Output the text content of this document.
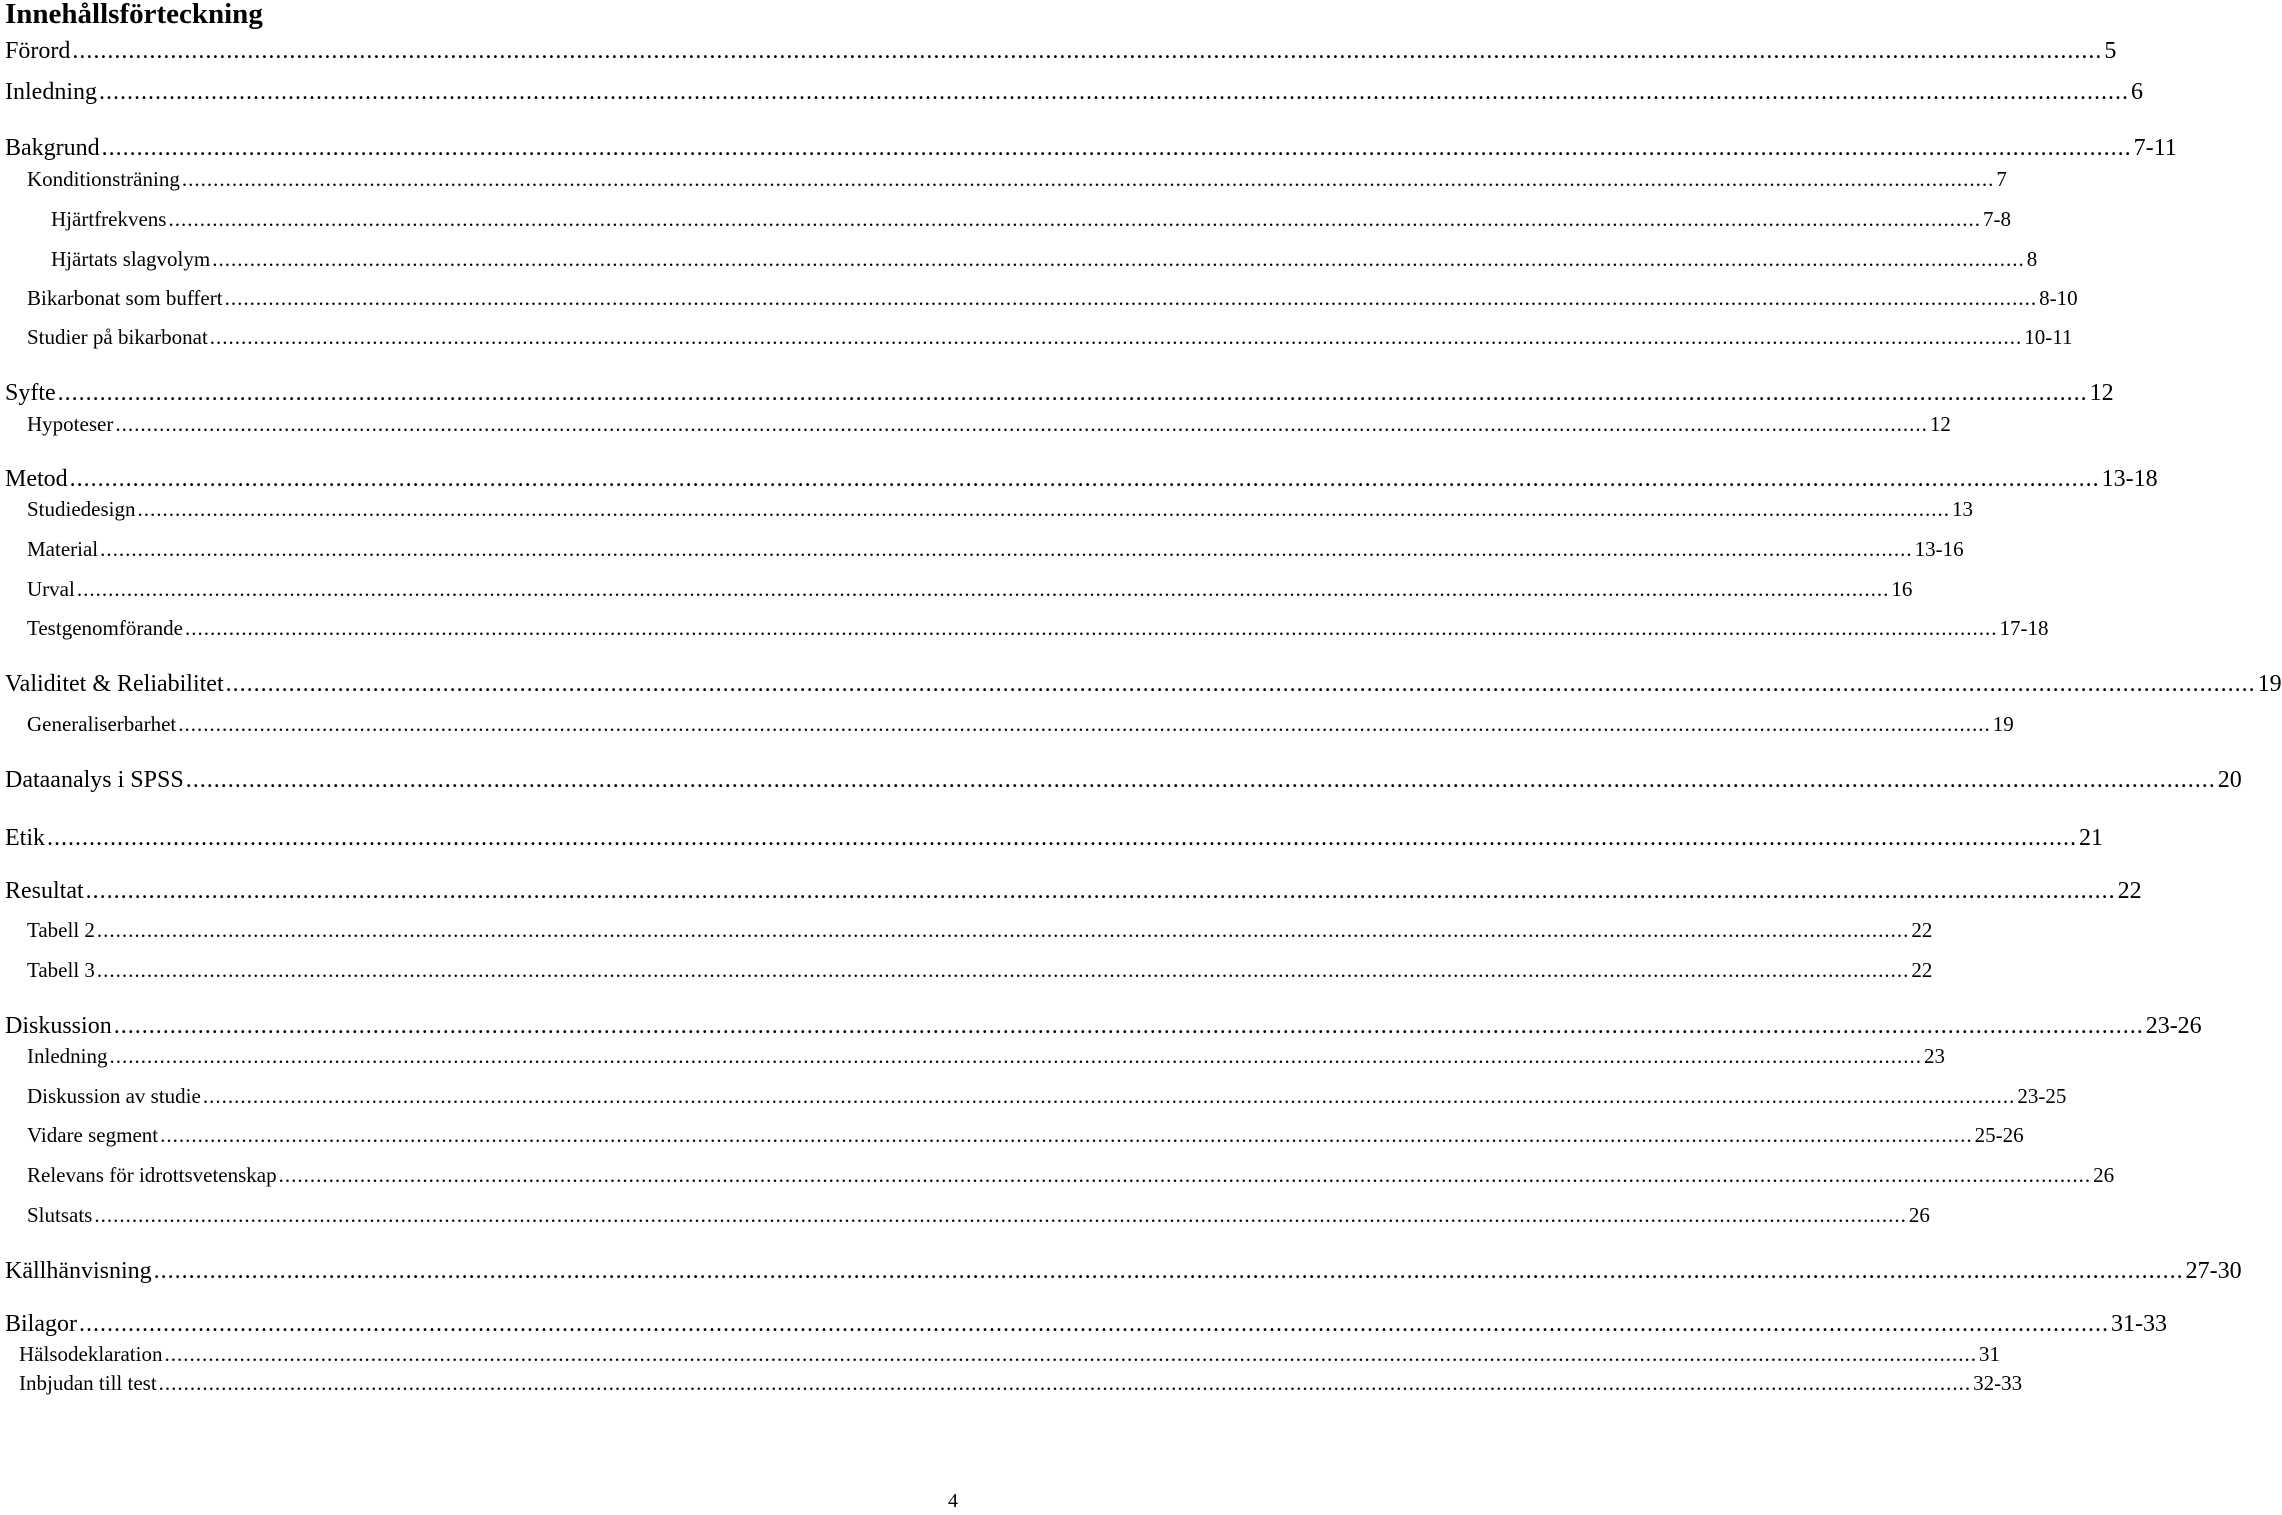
Innehållsförteckning
Förord .................................................................................................................................................................................................................................................................................................. 5
Inledning .................................................................................................................................................................................................................................................................................................. 6
Bakgrund .................................................................................................................................................................................................................................................................................................. 7-11
Konditionsträning .................................................................................................................................................................................................................................................................................................. 7
Hjärtfrekvens .................................................................................................................................................................................................................................................................................................. 7-8
Hjärtats slagvolym .................................................................................................................................................................................................................................................................................................. 8
Bikarbonat som buffert .................................................................................................................................................................................................................................................................................................. 8-10
Studier på bikarbonat .................................................................................................................................................................................................................................................................................................. 10-11
Syfte .................................................................................................................................................................................................................................................................................................. 12
Hypoteser .................................................................................................................................................................................................................................................................................................. 12
Metod .................................................................................................................................................................................................................................................................................................. 13-18
Studiedesign .................................................................................................................................................................................................................................................................................................. 13
Material .................................................................................................................................................................................................................................................................................................. 13-16
Urval .................................................................................................................................................................................................................................................................................................. 16
Testgenomförande .................................................................................................................................................................................................................................................................................................. 17-18
Validitet & Reliabilitet .................................................................................................................................................................................................................................................................................................. 19
Generaliserbarhet .................................................................................................................................................................................................................................................................................................. 19
Dataanalys i SPSS .................................................................................................................................................................................................................................................................................................. 20
Etik .................................................................................................................................................................................................................................................................................................. 21
Resultat .................................................................................................................................................................................................................................................................................................. 22
Tabell 2 .................................................................................................................................................................................................................................................................................................. 22
Tabell 3 .................................................................................................................................................................................................................................................................................................. 22
Diskussion .................................................................................................................................................................................................................................................................................................. 23-26
Inledning .................................................................................................................................................................................................................................................................................................. 23
Diskussion av studie .................................................................................................................................................................................................................................................................................................. 23-25
Vidare segment .................................................................................................................................................................................................................................................................................................. 25-26
Relevans för idrottsvetenskap .................................................................................................................................................................................................................................................................................................. 26
Slutsats .................................................................................................................................................................................................................................................................................................. 26
Källhänvisning .................................................................................................................................................................................................................................................................................................. 27-30
Bilagor .................................................................................................................................................................................................................................................................................................. 31-33
Hälsodeklaration .................................................................................................................................................................................................................................................................................................. 31
Inbjudan till test .................................................................................................................................................................................................................................................................................................. 32-33
4
